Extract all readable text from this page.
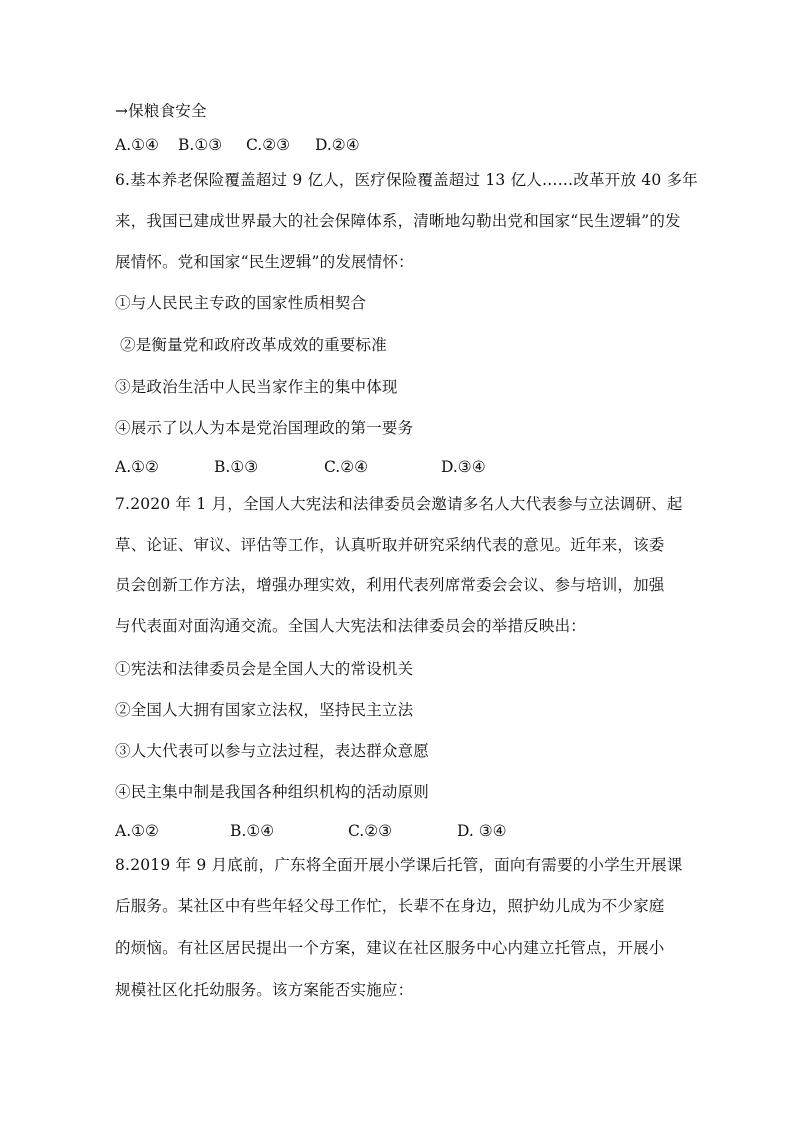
→保粮食安全
A.①④ B.①③ C.②③ D.②④
6.基本养老保险覆盖超过 9 亿人，医疗保险覆盖超过 13 亿人……改革开放 40 多年
来，我国已建成世界最大的社会保障体系，清晰地勾勒出党和国家“民生逻辑”的发
展情怀。党和国家“民生逻辑”的发展情怀：
①与人民民主专政的国家性质相契合
②是衡量党和政府改革成效的重要标准
③是政治生活中人民当家作主的集中体现
④展示了以人为本是党治国理政的第一要务
A.①②	B.①③	C.②④	D.③④
7.2020 年 1 月，全国人大宪法和法律委员会邀请多名人大代表参与立法调研、起
草、论证、审议、评估等工作，认真听取并研究采纳代表的意见。近年来，该委
员会创新工作方法，增强办理实效，利用代表列席常委会会议、参与培训，加强
与代表面对面沟通交流。全国人大宪法和法律委员会的举措反映出：
①宪法和法律委员会是全国人大的常设机关
②全国人大拥有国家立法权，坚持民主立法
③人大代表可以参与立法过程，表达群众意愿
④民主集中制是我国各种组织机构的活动原则
A.①②	B.①④	C.②③	D. ③④
8.2019 年 9 月底前，广东将全面开展小学课后托管，面向有需要的小学生开展课
后服务。某社区中有些年轻父母工作忙，长辈不在身边，照护幼儿成为不少家庭
的烦恼。有社区居民提出一个方案，建议在社区服务中心内建立托管点，开展小
规模社区化托幼服务。该方案能否实施应：
